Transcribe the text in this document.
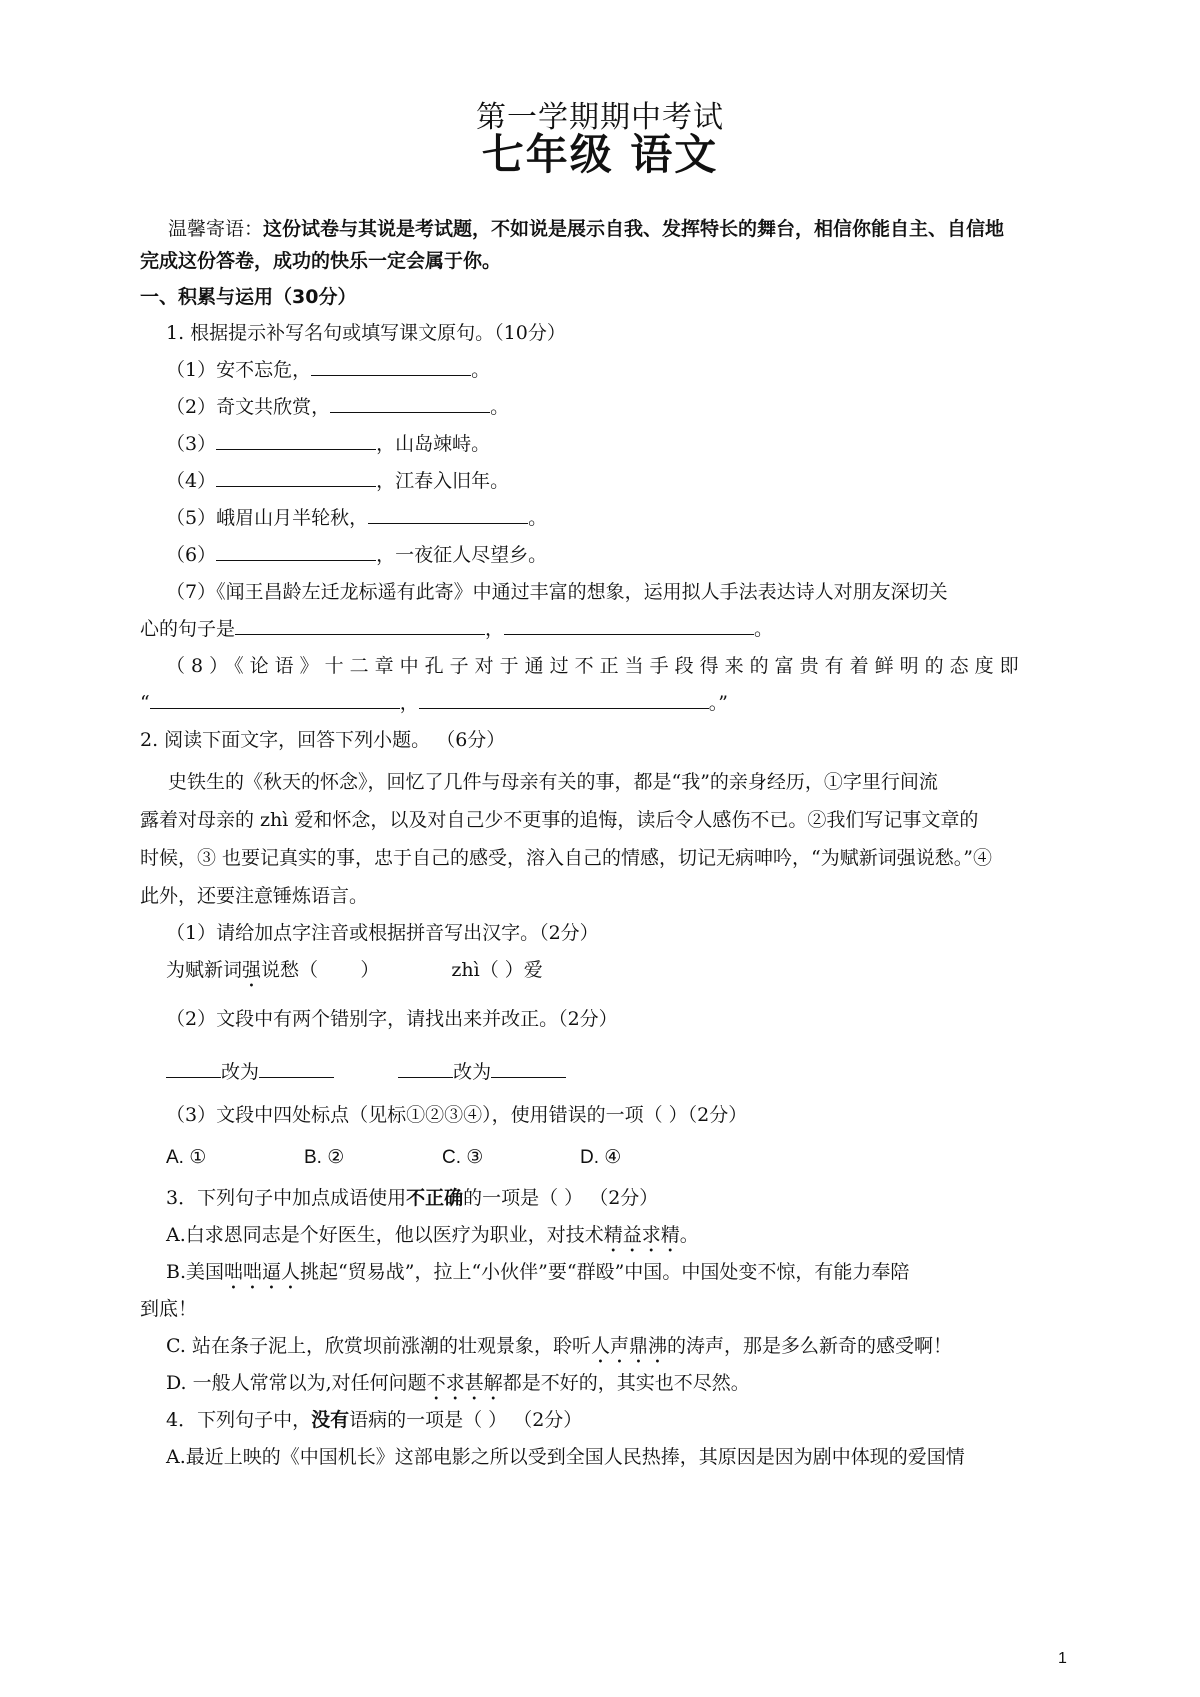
第一学期期中考试
七年级 语文
温馨寄语：这份试卷与其说是考试题，不如说是展示自我、发挥特长的舞台，相信你能自主、自信地
完成这份答卷，成功的快乐一定会属于你。
一、积累与运用（30分）
1. 根据提示补写名句或填写课文原句。（10分）
（1）安不忘危，	。
（2）奇文共欣赏，	。
（3）	，山岛竦峙。
（4）	，江春入旧年。
（5）峨眉山月半轮秋，	。
（6）	，一夜征人尽望乡。
（7）《闻王昌龄左迁龙标遥有此寄》中通过丰富的想象，运用拟人手法表达诗人对朋友深切关
心的句子是	，	。
（8）《论语》十二章中孔子对于通过不正当手段得来的富贵有着鲜明的态度即
“	，	。”
2. 阅读下面文字，回答下列小题。 （6分）
史铁生的《秋天的怀念》，回忆了几件与母亲有关的事，都是“我”的亲身经历，①字里行间流
露着对母亲的 zhì 爱和怀念，以及对自己少不更事的追悔，读后令人感伤不已。②我们写记事文章的
时候，③ 也要记真实的事，忠于自己的感受，溶入自己的情感，切记无病呻吟，“为赋新词强说愁。”④
此外，还要注意锤炼语言。
（1）请给加点字注音或根据拼音写出汉字。（2分）
为赋新词强说愁（       ）	zhì（ ）爱
（2）文段中有两个错别字，请找出来并改正。（2分）
改为	改为
（3）文段中四处标点（见标①②③④），使用错误的一项（ ）（2分）
A. ①	B. ②	C. ③	D. ④
3．下列句子中加点成语使用不正确的一项是（ ） （2分）
A.白求恩同志是个好医生，他以医疗为职业，对技术精益求精。
B.美国咄咄逼人挑起“贸易战”，拉上“小伙伴”要“群殴”中国。中国处变不惊，有能力奉陪
到底！
C. 站在条子泥上，欣赏坝前涨潮的壮观景象，聆听人声鼎沸的涛声，那是多么新奇的感受啊！
D. 一般人常常以为,对任何问题不求甚解都是不好的，其实也不尽然。
4．下列句子中，没有语病的一项是（ ） （2分）
A.最近上映的《中国机长》这部电影之所以受到全国人民热捧，其原因是因为剧中体现的爱国情
1
